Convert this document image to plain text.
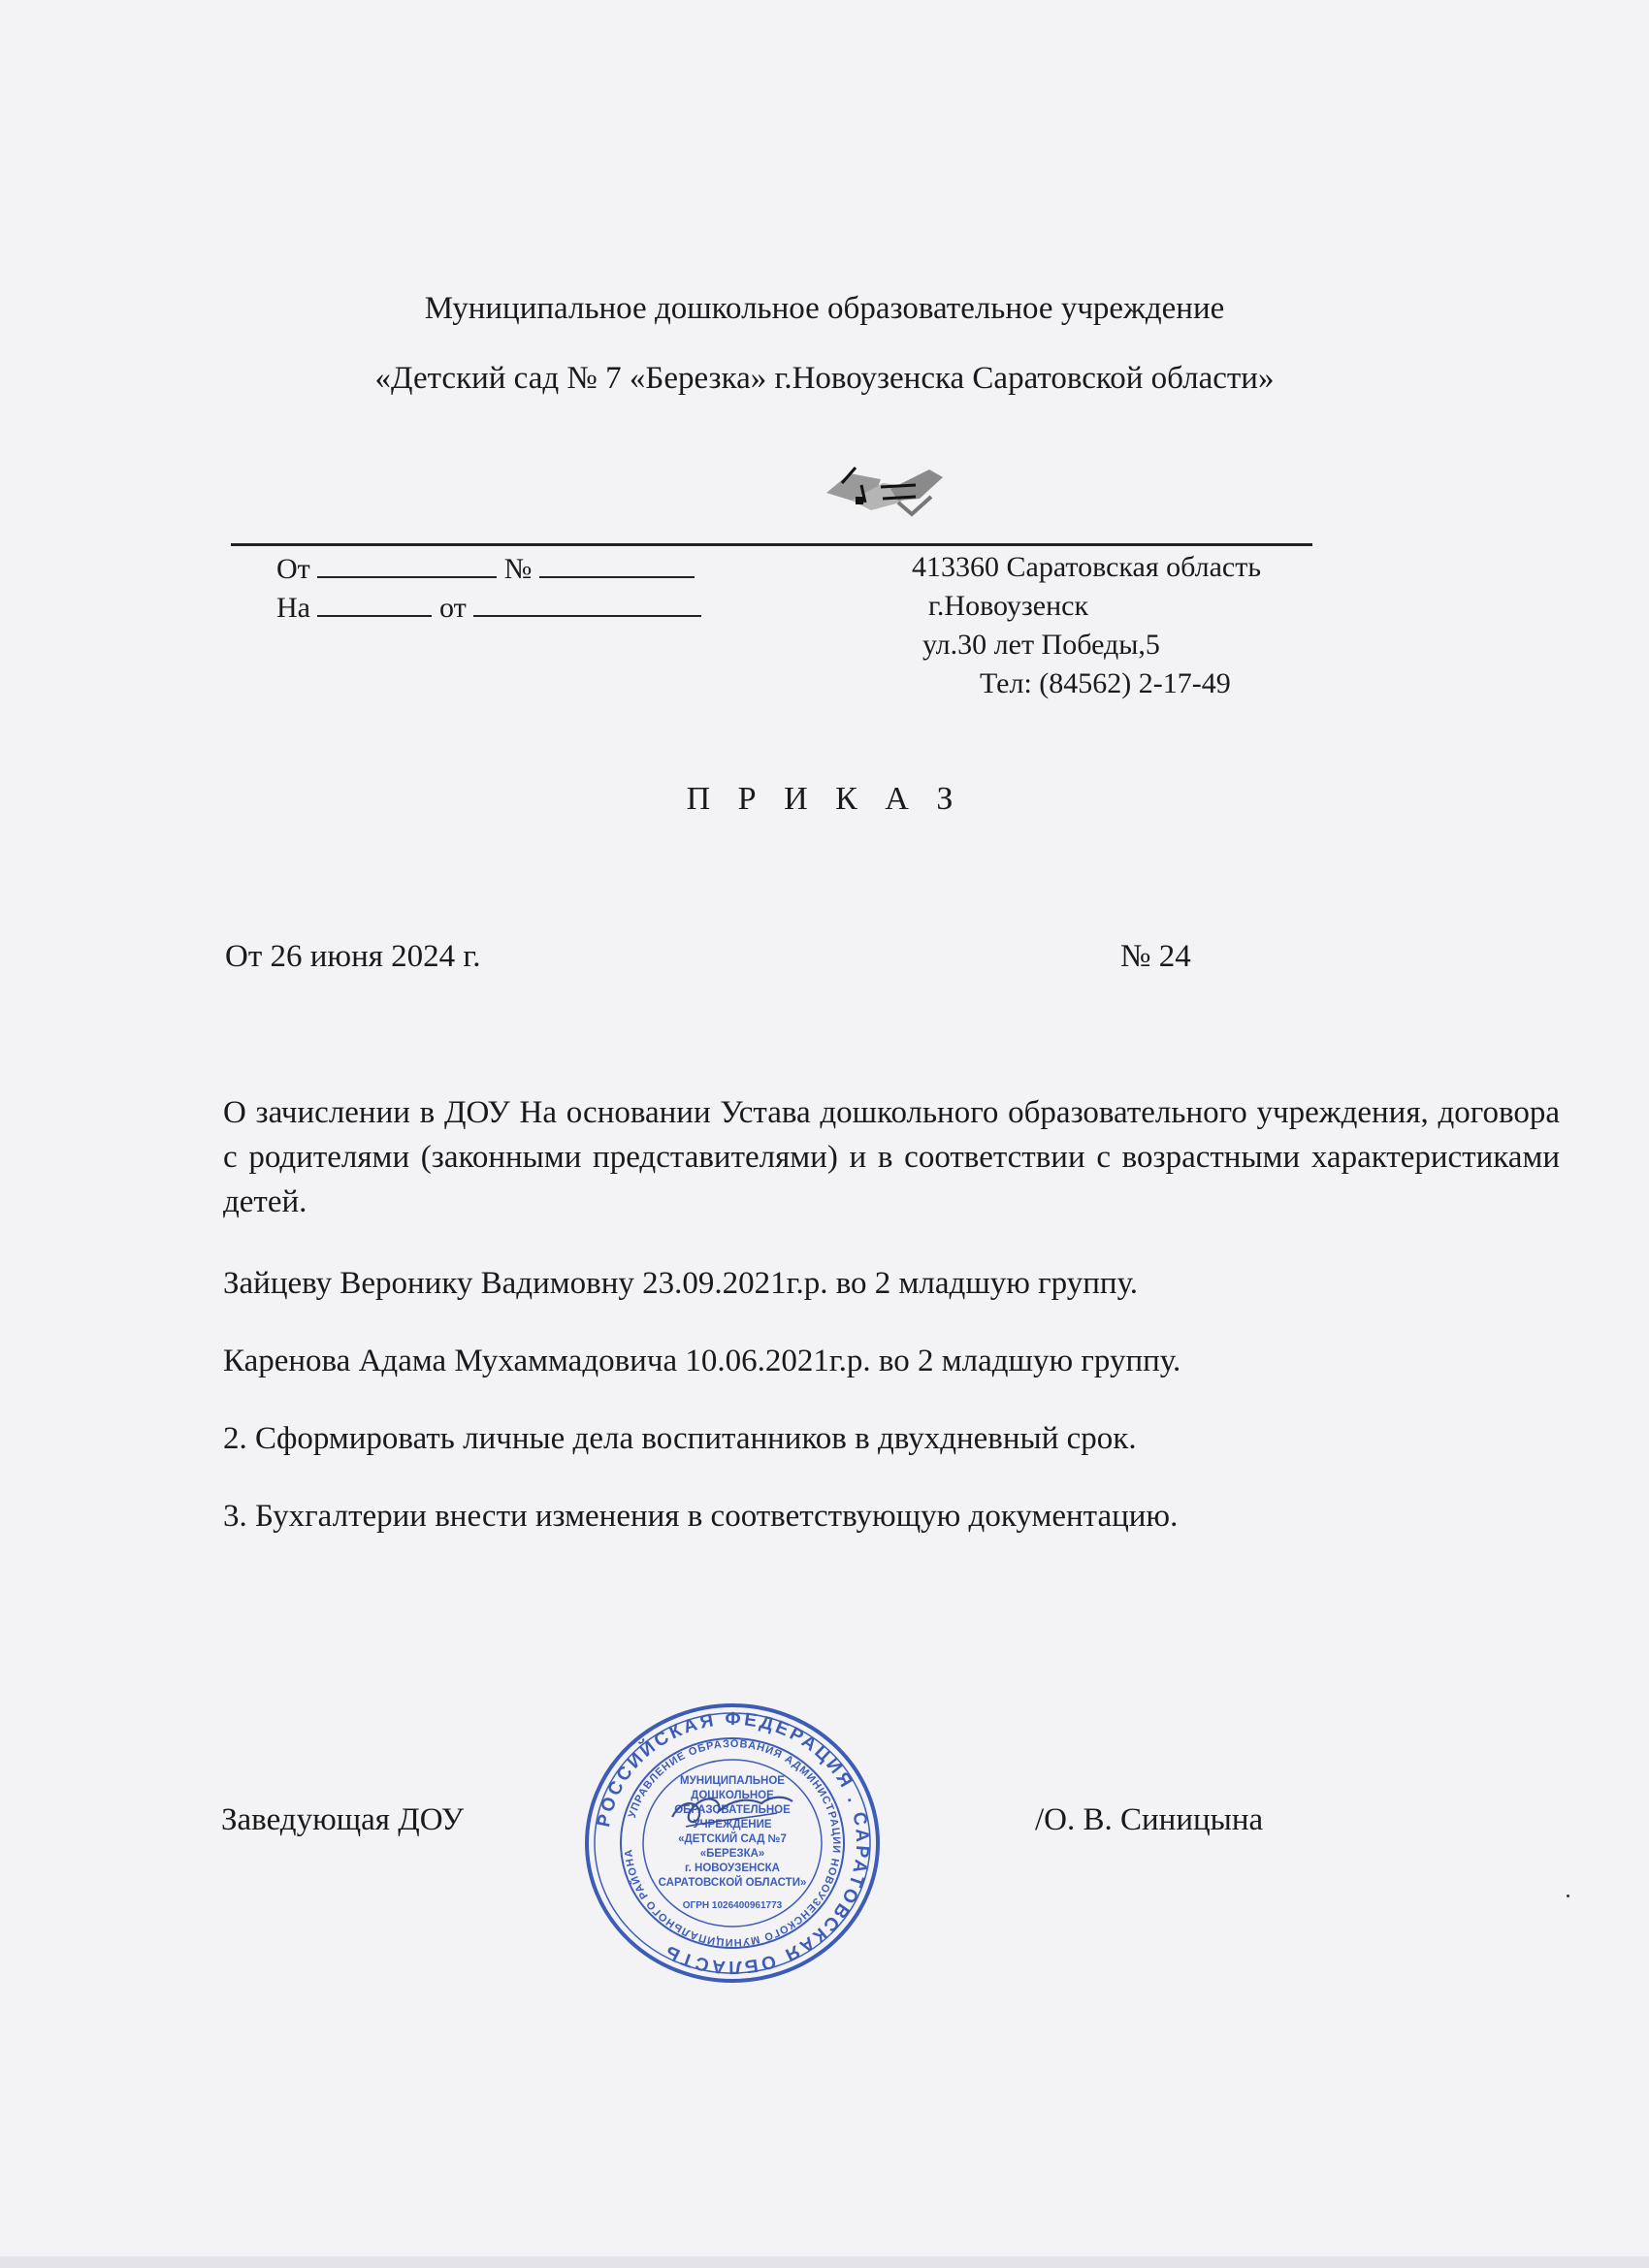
Муниципальное дошкольное образовательное учреждение
«Детский сад № 7 «Березка» г.Новоузенска Саратовской области»
От	№
На	от
413360 Саратовская область
г.Новоузенск
ул.30 лет Победы,5
Тел: (84562) 2-17-49
П Р И К А З
От 26 июня 2024 г.	№ 24
О зачислении в ДОУ На основании Устава дошкольного образовательного учреждения, договора с родителями (законными представителями) и в соответствии с возрастными характеристиками детей.
Зайцеву Веронику Вадимовну 23.09.2021г.р. во 2 младшую группу.
Каренова Адама Мухаммадовича 10.06.2021г.р. во 2 младшую группу.
2. Сформировать личные дела воспитанников в двухдневный срок.
3. Бухгалтерии внести изменения в соответствующую документацию.
Заведующая ДОУ	/О. В. Синицына
РОССИЙСКАЯ ФЕДЕРАЦИЯ . САРАТОВСКАЯ ОБЛАСТЬ
УПРАВЛЕНИЕ ОБРАЗОВАНИЯ АДМИНИСТРАЦИИ НОВОУЗЕНСКОГО МУНИЦИПАЛЬНОГО РАЙОНА
МУНИЦИПАЛЬНОЕ
ДОШКОЛЬНОЕ
ОБРАЗОВАТЕЛЬНОЕ
УЧРЕЖДЕНИЕ
«ДЕТСКИЙ САД №7
«БЕРЕЗКА»
г. НОВОУЗЕНСКА
САРАТОВСКОЙ ОБЛАСТИ»
ОГРН 1026400961773
